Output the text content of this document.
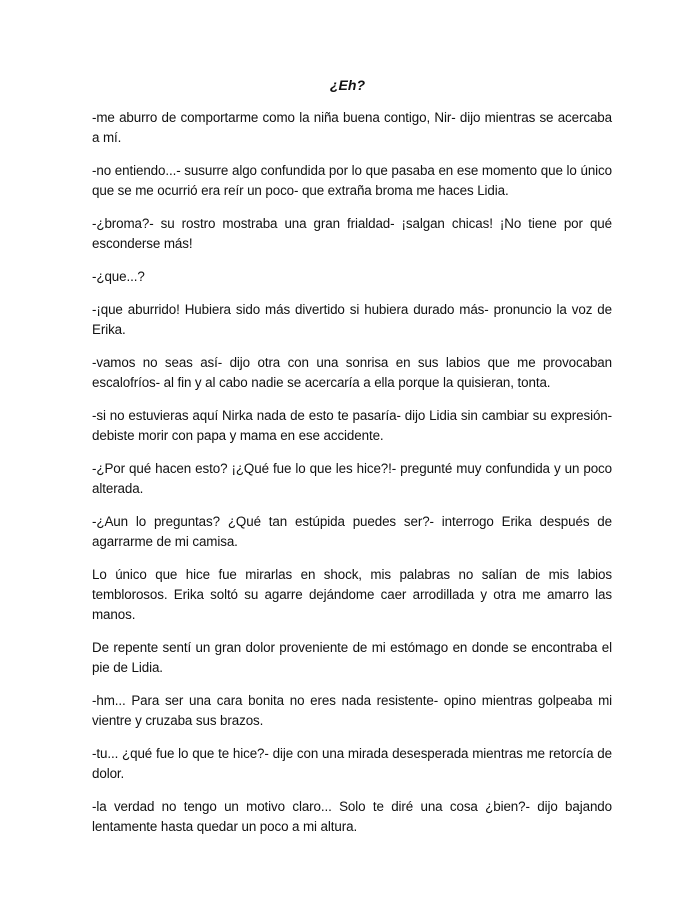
¿Eh?

-me aburro de comportarme como la niña buena contigo, Nir- dijo mientras se acercaba a mí.

-no entiendo...- susurre algo confundida por lo que pasaba en ese momento que lo único que se me ocurrió era reír un poco- que extraña broma me haces Lidia.

-¿broma?- su rostro mostraba una gran frialdad- ¡salgan chicas! ¡No tiene por qué esconderse más!

-¿que...?

-¡que aburrido! Hubiera sido más divertido si hubiera durado más- pronuncio la voz de Erika.

-vamos no seas así- dijo otra con una sonrisa en sus labios que me provocaban escalofríos- al fin y al cabo nadie se acercaría a ella porque la quisieran, tonta.

-si no estuvieras aquí Nirka nada de esto te pasaría- dijo Lidia sin cambiar su expresión- debiste morir con papa y mama en ese accidente.

-¿Por qué hacen esto? ¡¿Qué fue lo que les hice?!- pregunté muy confundida y un poco alterada.

-¿Aun lo preguntas? ¿Qué tan estúpida puedes ser?- interrogo Erika después de agarrarme de mi camisa.

Lo único que hice fue mirarlas en shock, mis palabras no salían de mis labios temblorosos. Erika soltó su agarre dejándome caer arrodillada y otra me amarro las manos.

De repente sentí un gran dolor proveniente de mi estómago en donde se encontraba el pie de Lidia.

-hm... Para ser una cara bonita no eres nada resistente- opino mientras golpeaba mi vientre y cruzaba sus brazos.

-tu... ¿qué fue lo que te hice?- dije con una mirada desesperada mientras me retorcía de dolor.

-la verdad no tengo un motivo claro... Solo te diré una cosa ¿bien?- dijo bajando lentamente hasta quedar un poco a mi altura.
